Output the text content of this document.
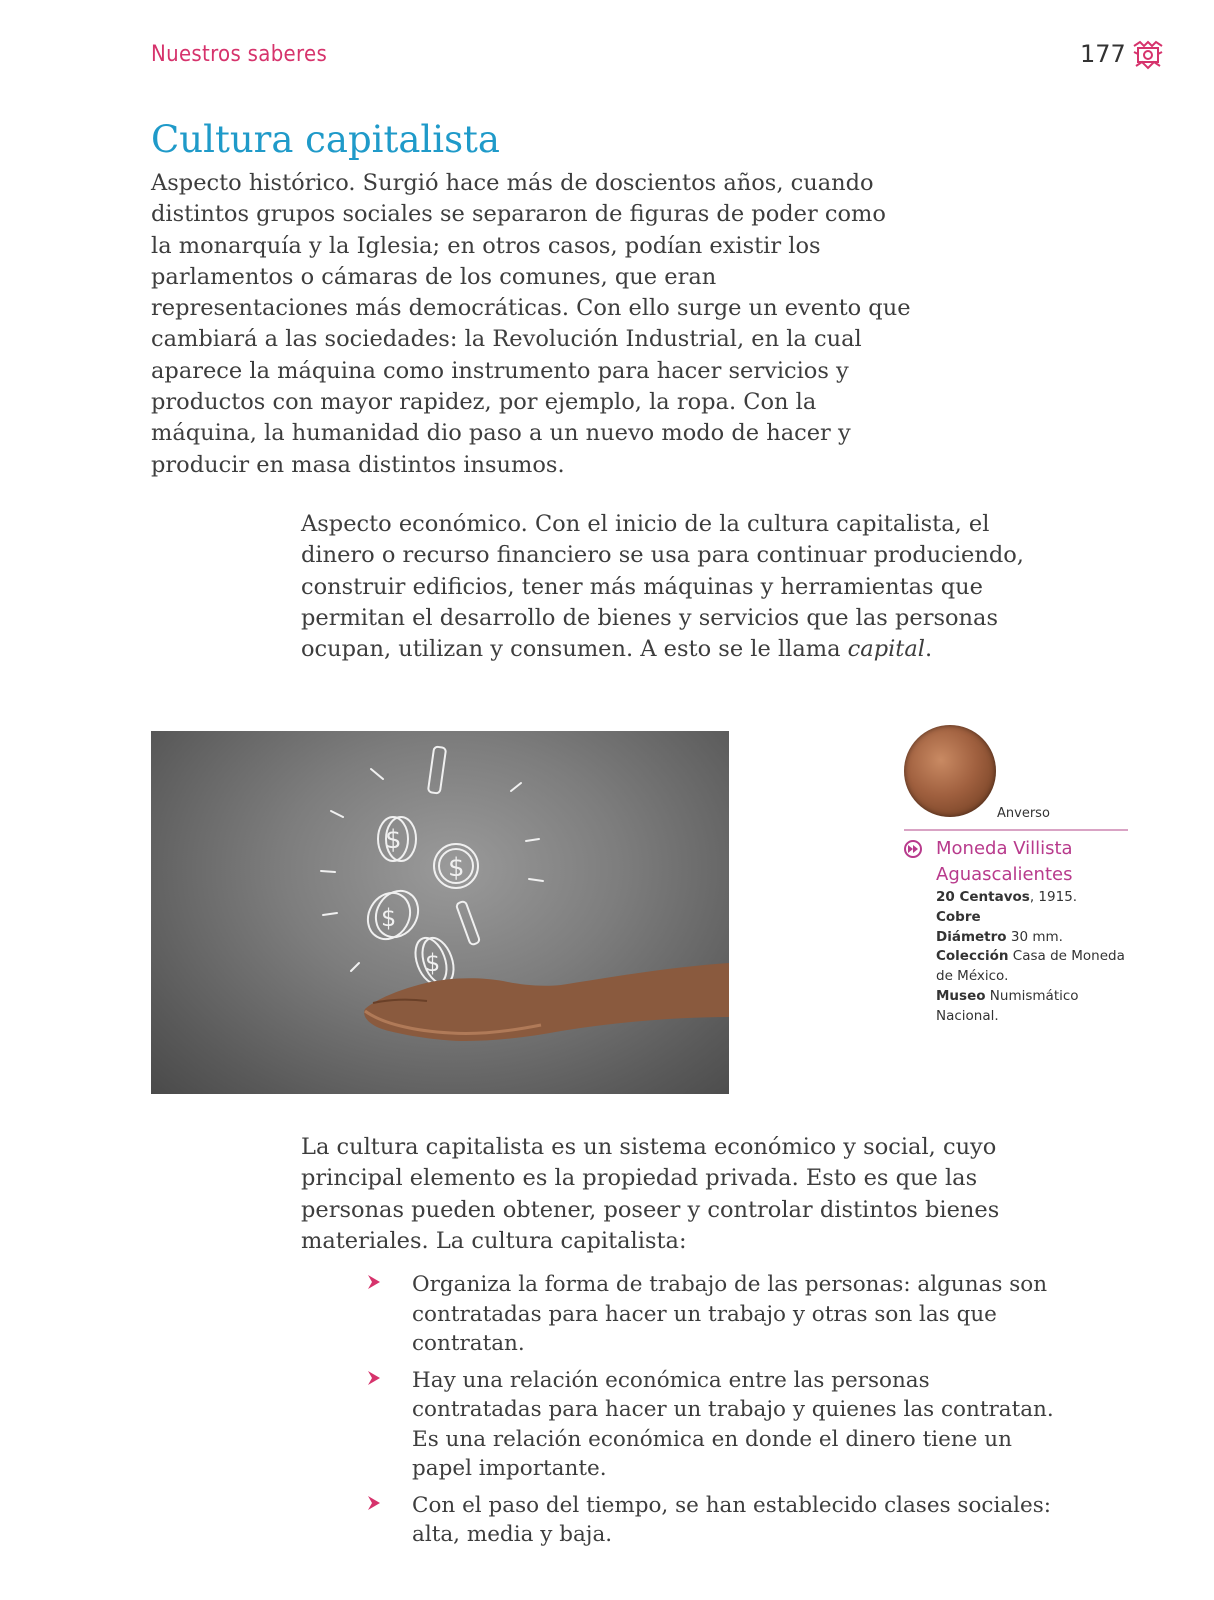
Nuestros saberes	177
Cultura capitalista

Aspecto histórico. Surgió hace más de doscientos años, cuando distintos grupos sociales se separaron de figuras de poder como la monarquía y la Iglesia; en otros casos, podían existir los parlamentos o cámaras de los comunes, que eran representaciones más democráticas. Con ello surge un evento que cambiará a las sociedades: la Revolución Industrial, en la cual aparece la máquina como instrumento para hacer servicios y productos con mayor rapidez, por ejemplo, la ropa. Con la máquina, la humanidad dio paso a un nuevo modo de hacer y producir en masa distintos insumos.

Aspecto económico. Con el inicio de la cultura capitalista, el dinero o recurso financiero se usa para continuar produciendo, construir edificios, tener más máquinas y herramientas que permitan el desarrollo de bienes y servicios que las personas ocupan, utilizan y consumen. A esto se le llama capital.

$
$
$
$
Anverso
Moneda Villista Aguascalientes
20 Centavos, 1915.
Cobre
Diámetro 30 mm.
Colección Casa de Moneda de México.
Museo Numismático Nacional.

La cultura capitalista es un sistema económico y social, cuyo principal elemento es la propiedad privada. Esto es que las personas pueden obtener, poseer y controlar distintos bienes materiales. La cultura capitalista:

Organiza la forma de trabajo de las personas: algunas son contratadas para hacer un trabajo y otras son las que contratan.
Hay una relación económica entre las personas contratadas para hacer un trabajo y quienes las contratan. Es una relación económica en donde el dinero tiene un papel importante.
Con el paso del tiempo, se han establecido clases sociales: alta, media y baja.
